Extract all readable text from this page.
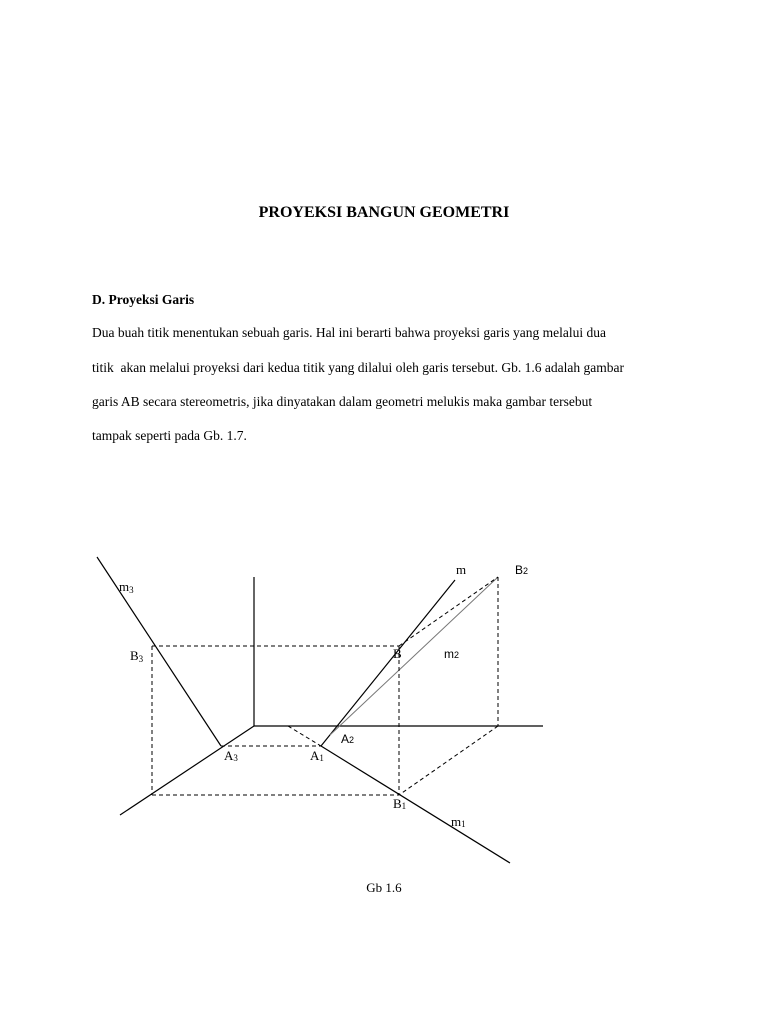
PROYEKSI BANGUN GEOMETRI

D. Proyeksi Garis

Dua buah titik menentukan sebuah garis. Hal ini berarti bahwa proyeksi garis yang melalui dua

titik  akan melalui proyeksi dari kedua titik yang dilalui oleh garis tersebut. Gb. 1.6 adalah gambar

garis AB secara stereometris, jika dinyatakan dalam geometri melukis maka gambar tersebut

tampak seperti pada Gb. 1.7.

m3
m	B2
B3	B	m2
A2
A3	A1
B1
m1

Gb 1.6
